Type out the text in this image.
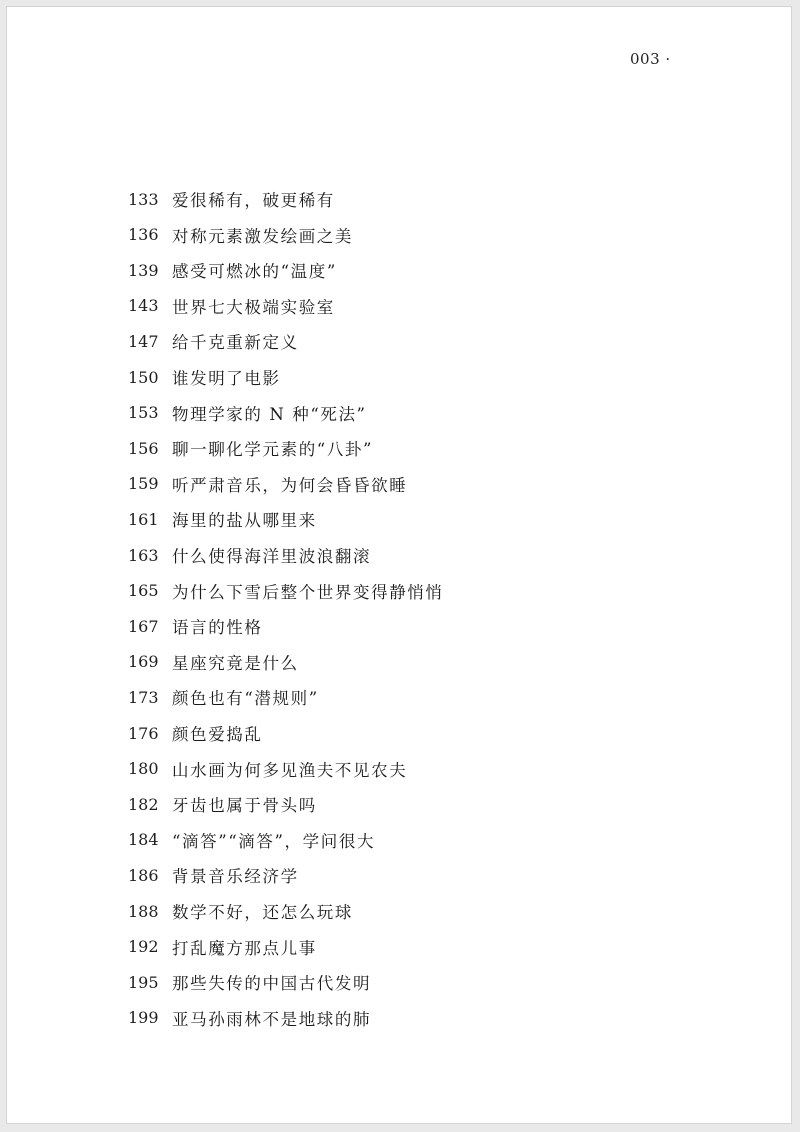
003 ·
133 爱很稀有，破更稀有
136 对称元素激发绘画之美
139 感受可燃冰的“温度”
143 世界七大极端实验室
147 给千克重新定义
150 谁发明了电影
153 物理学家的 N 种“死法”
156 聊一聊化学元素的“八卦”
159 听严肃音乐，为何会昏昏欲睡
161 海里的盐从哪里来
163 什么使得海洋里波浪翻滚
165 为什么下雪后整个世界变得静悄悄
167 语言的性格
169 星座究竟是什么
173 颜色也有“潜规则”
176 颜色爱捣乱
180 山水画为何多见渔夫不见农夫
182 牙齿也属于骨头吗
184 “滴答”“滴答”，学问很大
186 背景音乐经济学
188 数学不好，还怎么玩球
192 打乱魔方那点儿事
195 那些失传的中国古代发明
199 亚马孙雨林不是地球的肺
